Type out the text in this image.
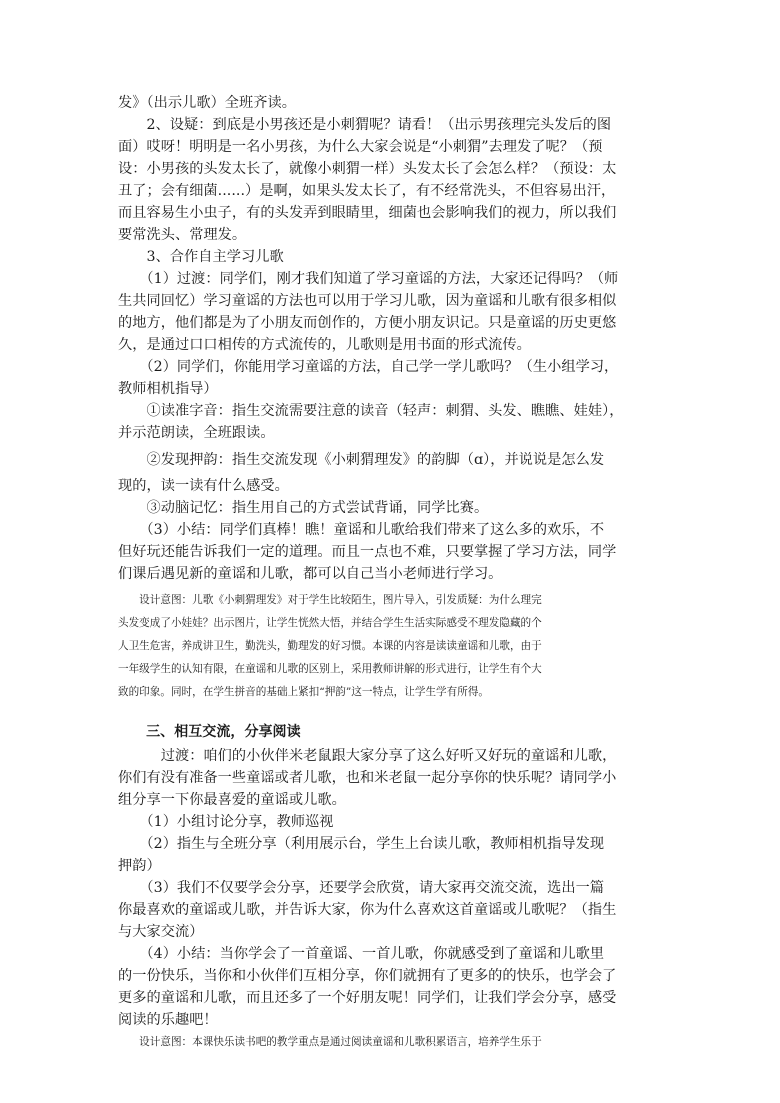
发》（出示儿歌）全班齐读。
　　2、设疑：到底是小男孩还是小刺猬呢？请看！（出示男孩理完头发后的图
面）哎呀！明明是一名小男孩，为什么大家会说是“小刺猬”去理发了呢？（预
设：小男孩的头发太长了，就像小刺猬一样）头发太长了会怎么样？（预设：太
丑了；会有细菌......）是啊，如果头发太长了，有不经常洗头，不但容易出汗，
而且容易生小虫子，有的头发弄到眼睛里，细菌也会影响我们的视力，所以我们
要常洗头、常理发。
　　3、合作自主学习儿歌
　　（1）过渡：同学们，刚才我们知道了学习童谣的方法，大家还记得吗？（师
生共同回忆）学习童谣的方法也可以用于学习儿歌，因为童谣和儿歌有很多相似
的地方，他们都是为了小朋友而创作的，方便小朋友识记。只是童谣的历史更悠
久，是通过口口相传的方式流传的，儿歌则是用书面的形式流传。
　　（2）同学们，你能用学习童谣的方法，自己学一学儿歌吗？（生小组学习，
教师相机指导）
　　①读准字音：指生交流需要注意的读音（轻声：刺猬、头发、瞧瞧、娃娃），
并示范朗读，全班跟读。
　　②发现押韵：指生交流发现《小刺猬理发》的韵脚（ɑ），并说说是怎么发
现的，读一读有什么感受。
　　③动脑记忆：指生用自己的方式尝试背诵，同学比赛。
　　（3）小结：同学们真棒！瞧！童谣和儿歌给我们带来了这么多的欢乐，不
但好玩还能告诉我们一定的道理。而且一点也不难，只要掌握了学习方法，同学
们课后遇见新的童谣和儿歌，都可以自己当小老师进行学习。
　　设计意图：儿歌《小刺猬理发》对于学生比较陌生，图片导入，引发质疑：为什么理完
头发变成了小娃娃？出示图片，让学生恍然大悟，并结合学生生活实际感受不理发隐藏的个
人卫生危害，养成讲卫生，勤洗头，勤理发的好习惯。本课的内容是读读童谣和儿歌，由于
一年级学生的认知有限，在童谣和儿歌的区别上，采用教师讲解的形式进行，让学生有个大
致的印象。同时，在学生拼音的基础上紧扣“押韵”这一特点，让学生学有所得。
　　三、相互交流，分享阅读
　　　过渡：咱们的小伙伴米老鼠跟大家分享了这么好听又好玩的童谣和儿歌，
你们有没有准备一些童谣或者儿歌，也和米老鼠一起分享你的快乐呢？请同学小
组分享一下你最喜爱的童谣或儿歌。
　　（1）小组讨论分享，教师巡视
　　（2）指生与全班分享（利用展示台，学生上台读儿歌，教师相机指导发现
押韵）
　　（3）我们不仅要学会分享，还要学会欣赏，请大家再交流交流，选出一篇
你最喜欢的童谣或儿歌，并告诉大家，你为什么喜欢这首童谣或儿歌呢？（指生
与大家交流）
　　（4）小结：当你学会了一首童谣、一首儿歌，你就感受到了童谣和儿歌里
的一份快乐，当你和小伙伴们互相分享，你们就拥有了更多的的快乐，也学会了
更多的童谣和儿歌，而且还多了一个好朋友呢！同学们，让我们学会分享，感受
阅读的乐趣吧！
　　设计意图：本课快乐读书吧的教学重点是通过阅读童谣和儿歌积累语言，培养学生乐于
